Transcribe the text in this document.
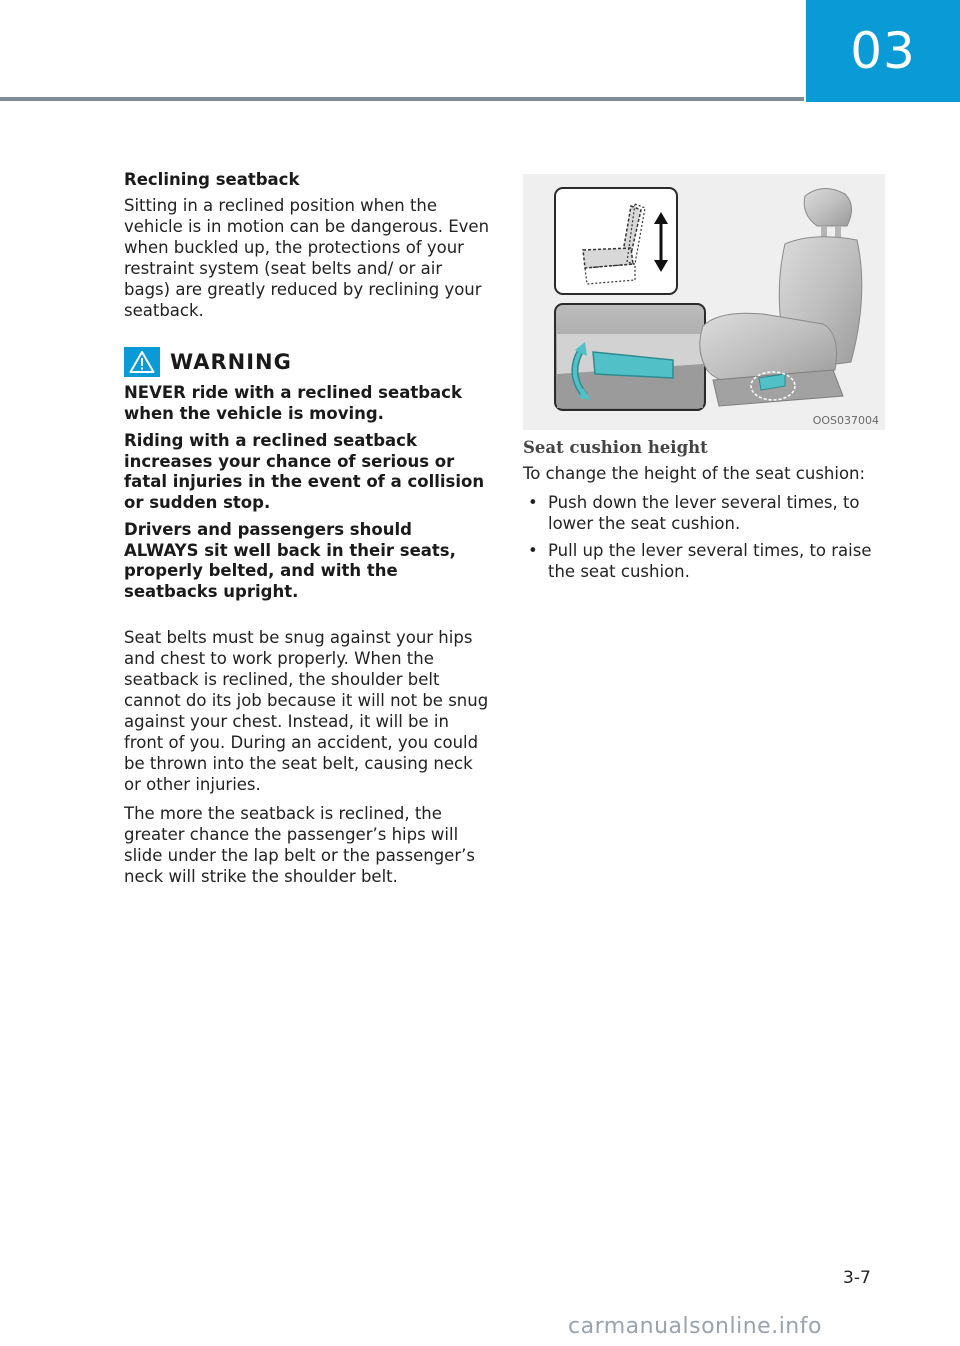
03
Reclining seatback

Sitting in a reclined position when the vehicle is in motion can be dangerous. Even when buckled up, the protections of your restraint system (seat belts and/ or air bags) are greatly reduced by reclining your seatback.

WARNING

NEVER ride with a reclined seatback when the vehicle is moving.

Riding with a reclined seatback increases your chance of serious or fatal injuries in the event of a collision or sudden stop.

Drivers and passengers should ALWAYS sit well back in their seats, properly belted, and with the seatbacks upright.

Seat belts must be snug against your hips and chest to work properly. When the seatback is reclined, the shoulder belt cannot do its job because it will not be snug against your chest. Instead, it will be in front of you. During an accident, you could be thrown into the seat belt, causing neck or other injuries.

The more the seatback is reclined, the greater chance the passenger’s hips will slide under the lap belt or the passenger’s neck will strike the shoulder belt.

OOS037004
Seat cushion height

To change the height of the seat cushion:

• Push down the lever several times, to lower the seat cushion.
• Pull up the lever several times, to raise the seat cushion.
3-7
carmanualsonline.info
